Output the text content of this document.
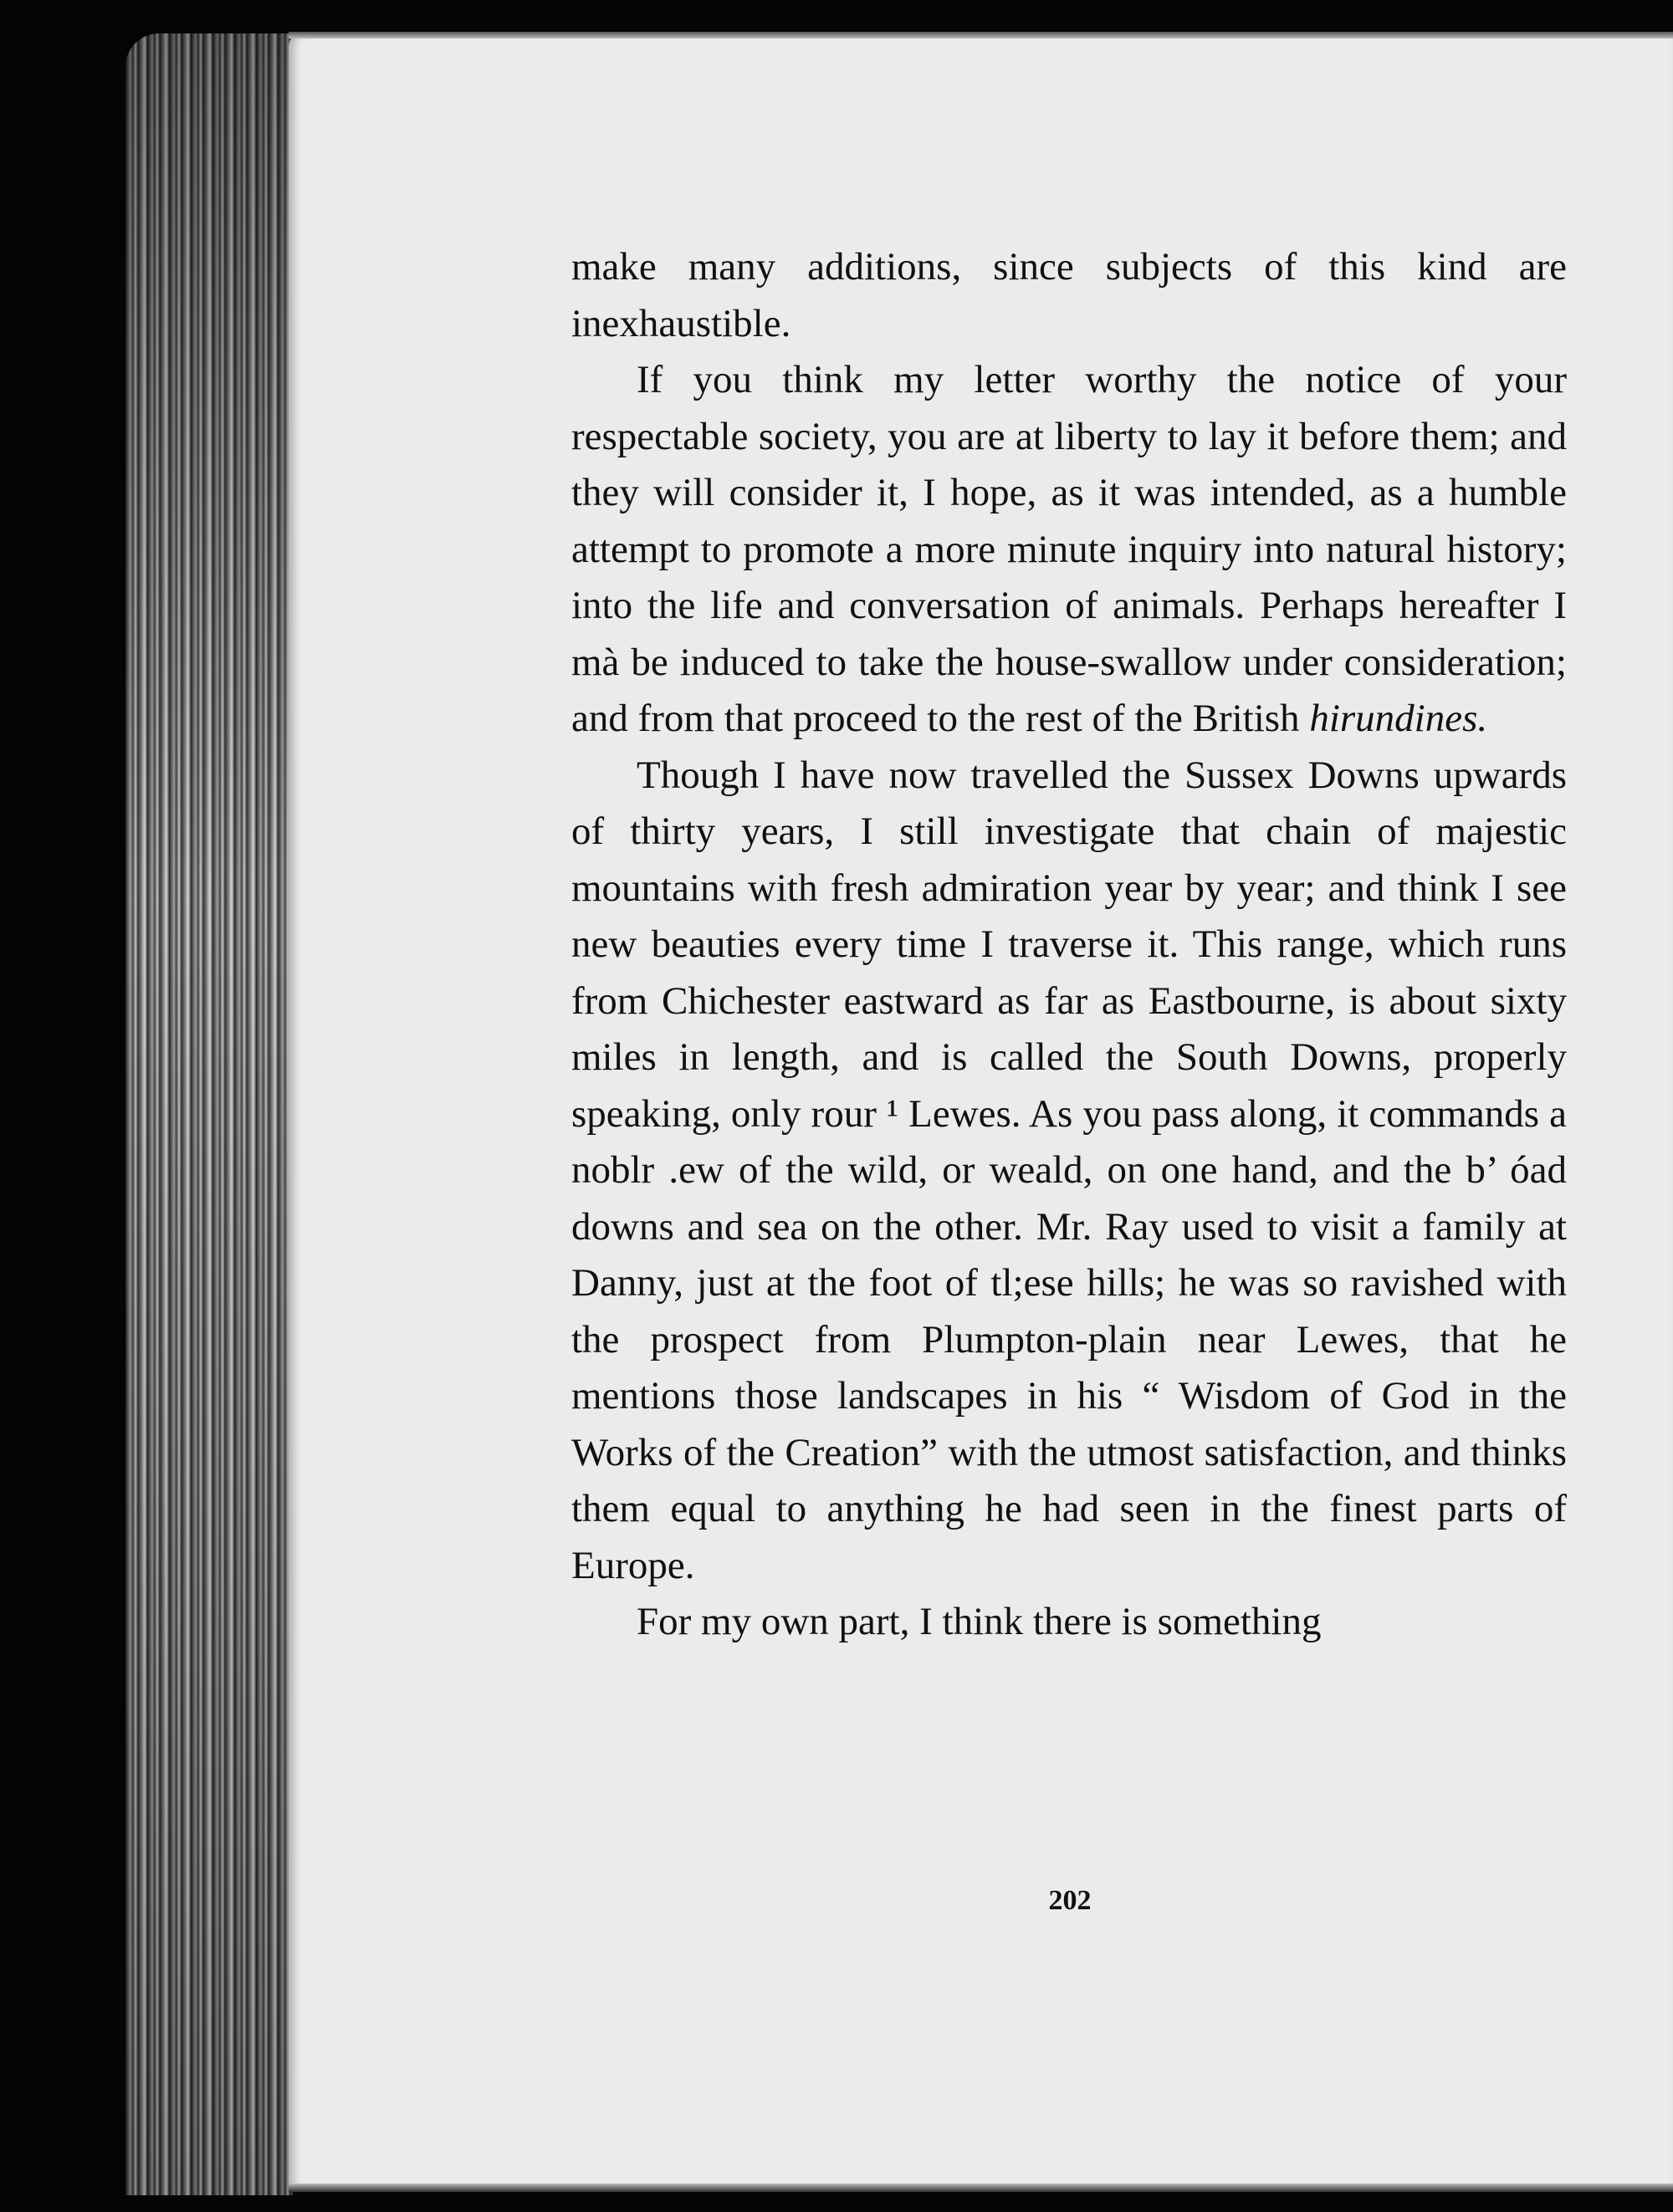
make many additions, since subjects of this kind are inexhaustible.

If you think my letter worthy the notice of your respectable society, you are at liberty to lay it before them; and they will consider it, I hope, as it was intended, as a humble attempt to promote a more minute inquiry into natural history; into the life and conversation of animals. Perhaps hereafter I mà be induced to take the house-swallow under consideration; and from that proceed to the rest of the British hirundines.

Though I have now travelled the Sussex Downs upwards of thirty years, I still investigate that chain of majestic mountains with fresh admiration year by year; and think I see new beauties every time I traverse it. This range, which runs from Chichester eastward as far as Eastbourne, is about sixty miles in length, and is called the South Downs, properly speaking, only rour ¹ Lewes. As you pass along, it commands a noblr .ew of the wild, or weald, on one hand, and the b’ óad downs and sea on the other. Mr. Ray used to visit a family at Danny, just at the foot of tl;ese hills; he was so ravished with the prospect from Plumpton-plain near Lewes, that he mentions those landscapes in his “ Wisdom of God in the Works of the Creation” with the utmost satisfaction, and thinks them equal to anything he had seen in the finest parts of Europe.

For my own part, I think there is something

202
